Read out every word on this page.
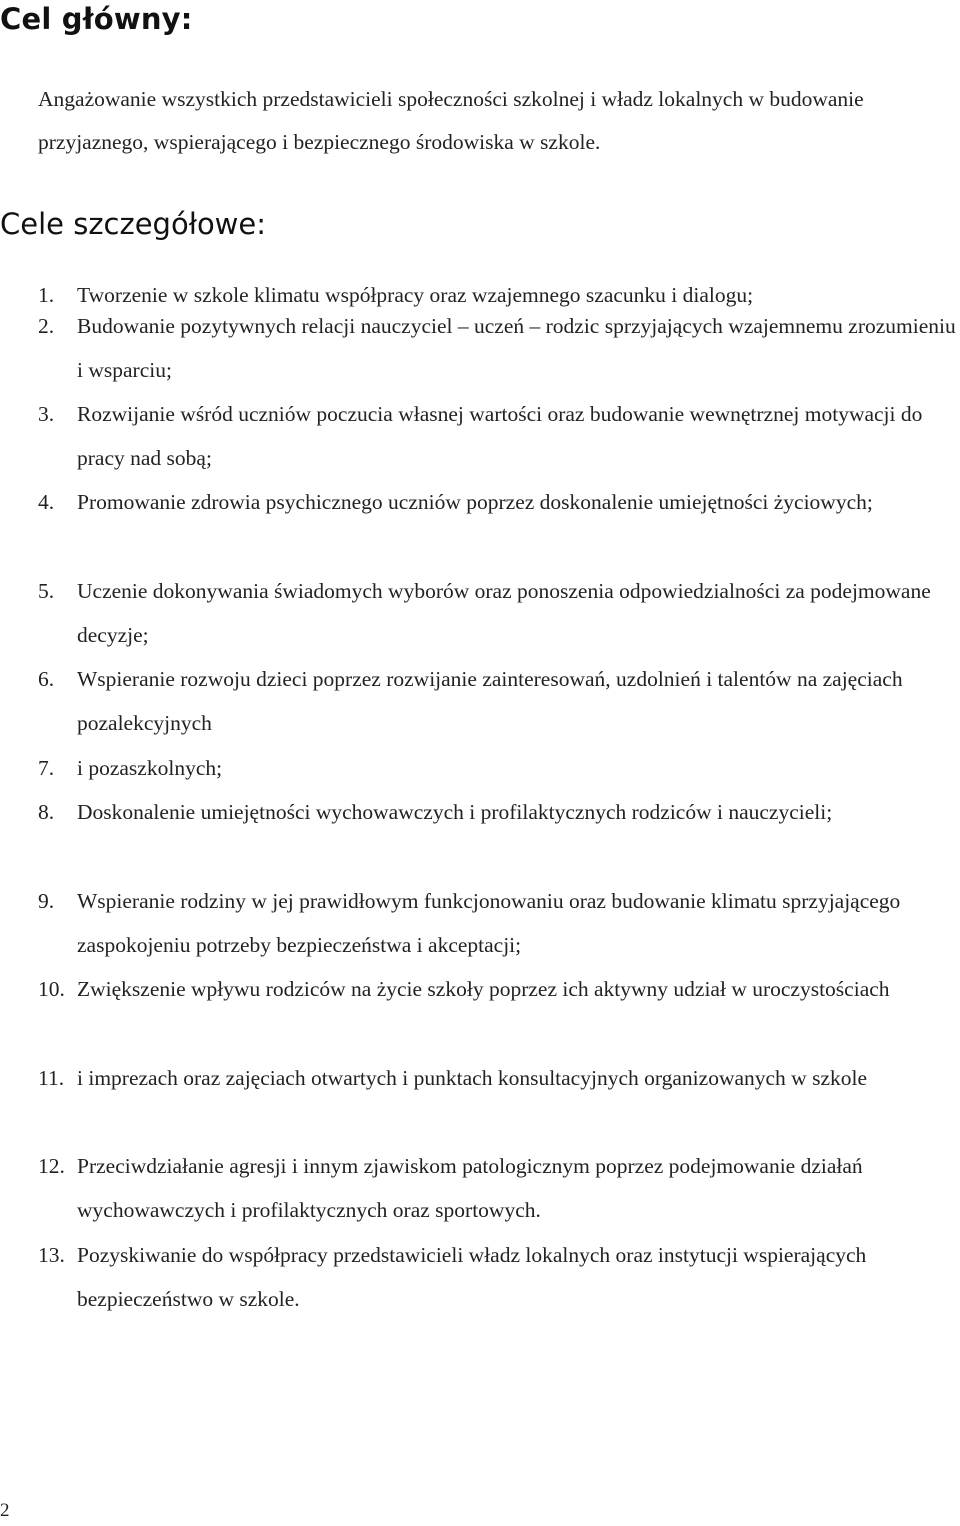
Cel główny:

Angażowanie wszystkich przedstawicieli społeczności szkolnej i władz lokalnych w budowanie przyjaznego, wspierającego i bezpiecznego środowiska w szkole.

Cele szczegółowe:
1. Tworzenie w szkole klimatu współpracy oraz wzajemnego szacunku i dialogu;
2. Budowanie pozytywnych relacji nauczyciel – uczeń – rodzic sprzyjających wzajemnemu zrozumieniu i wsparciu;
3. Rozwijanie wśród uczniów poczucia własnej wartości oraz budowanie wewnętrznej motywacji do pracy nad sobą;
4. Promowanie zdrowia psychicznego uczniów poprzez doskonalenie umiejętności życiowych;
5. Uczenie dokonywania świadomych wyborów oraz ponoszenia odpowiedzialności za podejmowane decyzje;
6. Wspieranie rozwoju dzieci poprzez rozwijanie zainteresowań, uzdolnień i talentów na zajęciach pozalekcyjnych
7. i pozaszkolnych;
8. Doskonalenie umiejętności wychowawczych i profilaktycznych rodziców i nauczycieli;
9. Wspieranie rodziny w jej prawidłowym funkcjonowaniu oraz budowanie klimatu sprzyjającego zaspokojeniu potrzeby bezpieczeństwa i akceptacji;
10. Zwiększenie wpływu rodziców na życie szkoły poprzez ich aktywny udział w uroczystościach
11. i imprezach oraz zajęciach otwartych i punktach konsultacyjnych organizowanych w szkole
12. Przeciwdziałanie agresji i innym zjawiskom patologicznym poprzez podejmowanie działań wychowawczych i profilaktycznych oraz sportowych.
13. Pozyskiwanie do współpracy przedstawicieli władz lokalnych oraz instytucji wspierających bezpieczeństwo w szkole.
2
